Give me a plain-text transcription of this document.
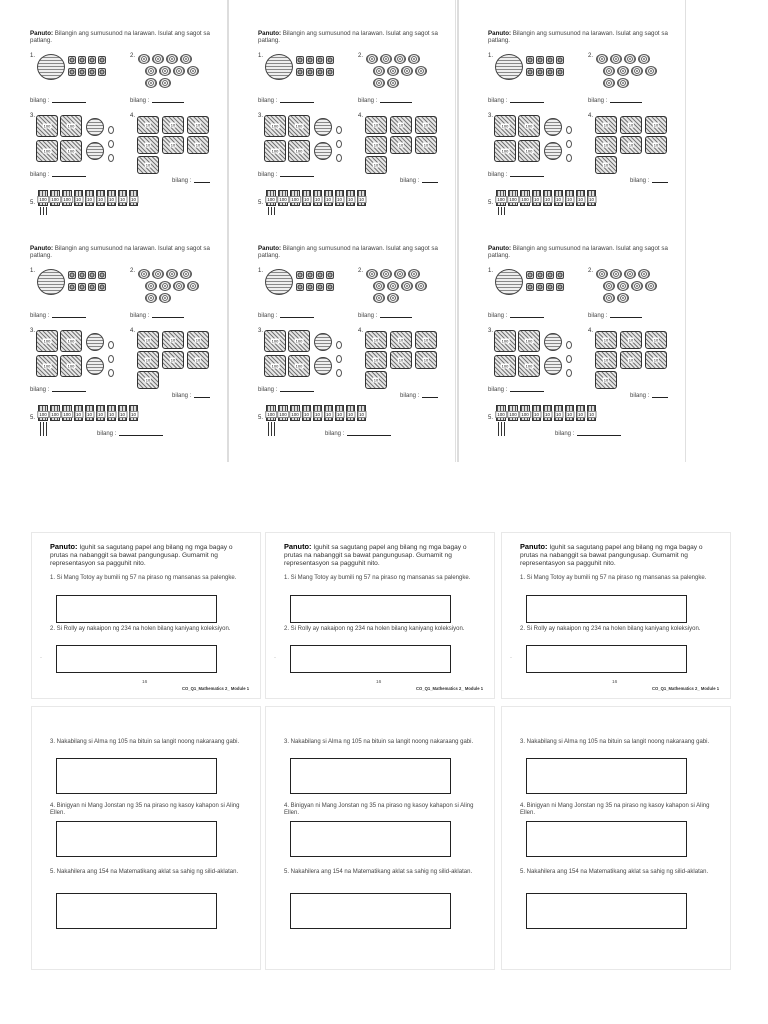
Panuto: Bilangin ang sumusunod na larawan. Isulat ang sagot sa patlang.
1.
bilang :
2.
bilang :
3.
100	100
100	100
bilang :
4.
10	10	10
10	10	10
10
bilang :
5.
100 100 100	10	10	10	10	10	10
Panuto: Bilangin ang sumusunod na larawan. Isulat ang sagot sa patlang.
1.
bilang :
2.
bilang :
3.
100	100
100	100
bilang :
4.
10	10	10
10	10	10
10
bilang :
5.
100 100 100	10	10	10	10	10	10
Panuto: Bilangin ang sumusunod na larawan. Isulat ang sagot sa patlang.
1.
bilang :
2.
bilang :
3.
100	100
100	100
bilang :
4.
10	10	10
10	10	10
10
bilang :
5.
100 100 100	10	10	10	10	10	10
Panuto: Bilangin ang sumusunod na larawan. Isulat ang sagot sa patlang.
1.
bilang :
2.
bilang :
3.
100	100
100	100
bilang :
4.
10	10	10
10	10	10
10
bilang :
5.
100 100 100	10	10	10	10	10	10
bilang :
Panuto: Bilangin ang sumusunod na larawan. Isulat ang sagot sa patlang.
1.
bilang :
2.
bilang :
3.
100	100
100	100
bilang :
4.
10	10	10
10	10	10
10
bilang :
5.
100 100 100	10	10	10	10	10	10
bilang :
Panuto: Bilangin ang sumusunod na larawan. Isulat ang sagot sa patlang.
1.
bilang :
2.
bilang :
3.
100	100
100	100
bilang :
4.
10	10	10
10	10	10
10
bilang :
5.
100 100 100	10	10	10	10	10	10
bilang :
Panuto: Iguhit sa sagutang papel ang bilang ng mga bagay o prutas na nabanggit sa bawat pangungusap. Gumamit ng representasyon sa pagguhit nito.
1. Si Mang Totoy ay bumili ng 57 na piraso ng mansanas sa palengke.
2. Si Rolly ay nakaipon ng 234 na holen bilang kaniyang koleksiyon.
·
16
CO_Q1_Mathematics 2_ Module 1
3. Nakabilang si Alma ng 105 na bituin sa langit noong nakaraang gabi.
4. Binigyan ni Mang Jonstan ng 35 na piraso ng kasoy kahapon si Aling Ellen.
5. Nakahilera ang 154 na Matematikang aklat sa sahig ng silid-aklatan.
Panuto: Iguhit sa sagutang papel ang bilang ng mga bagay o prutas na nabanggit sa bawat pangungusap. Gumamit ng representasyon sa pagguhit nito.
1. Si Mang Totoy ay bumili ng 57 na piraso ng mansanas sa palengke.
2. Si Rolly ay nakaipon ng 234 na holen bilang kaniyang koleksiyon.
·
16
CO_Q1_Mathematics 2_ Module 1
3. Nakabilang si Alma ng 105 na bituin sa langit noong nakaraang gabi.
4. Binigyan ni Mang Jonstan ng 35 na piraso ng kasoy kahapon si Aling Ellen.
5. Nakahilera ang 154 na Matematikang aklat sa sahig ng silid-aklatan.
Panuto: Iguhit sa sagutang papel ang bilang ng mga bagay o prutas na nabanggit sa bawat pangungusap. Gumamit ng representasyon sa pagguhit nito.
1. Si Mang Totoy ay bumili ng 57 na piraso ng mansanas sa palengke.
2. Si Rolly ay nakaipon ng 234 na holen bilang kaniyang koleksiyon.
·
16
CO_Q1_Mathematics 2_ Module 1
3. Nakabilang si Alma ng 105 na bituin sa langit noong nakaraang gabi.
4. Binigyan ni Mang Jonstan ng 35 na piraso ng kasoy kahapon si Aling Ellen.
5. Nakahilera ang 154 na Matematikang aklat sa sahig ng silid-aklatan.
